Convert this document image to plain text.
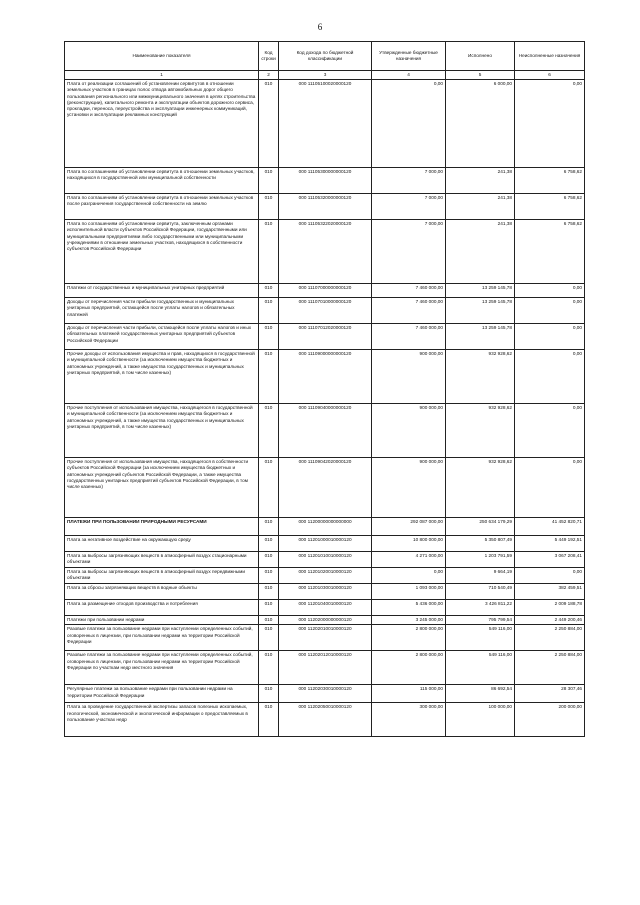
6
Наименование показателя	Код строки	Код дохода по бюджетной классификации	Утвержденные бюджетные назначения	Исполнено	Неисполненные назначения
1	2	3	4	5	6
Плата от реализации соглашений об установлении сервитутов в отношении земельных участков в границах полос отвода автомобильных дорог общего пользования регионального или межмуниципального значения в целях строительства (реконструкции), капитального ремонта и эксплуатации объектов дорожного сервиса, прокладки, переноса, переустройства и эксплуатации инженерных коммуникаций, установки и эксплуатации рекламных конструкций	010	000 11105100020000120	0,00	6 000,00	0,00
Плата по соглашениям об установлении сервитута в отношении земельных участков, находящихся в государственной или муниципальной собственности	010	000 11105300000000120	7 000,00	241,38	6 758,62
Плата по соглашениям об установлении сервитута в отношении земельных участков после разграничения государственной собственности на землю	010	000 11105320000000120	7 000,00	241,38	6 758,62
Плата по соглашениям об установлении сервитута, заключенным органами исполнительной власти субъектов Российской Федерации, государственными или муниципальными предприятиями либо государственными или муниципальными учреждениями в отношении земельных участков, находящихся в собственности субъектов Российской Федерации	010	000 11105322020000120	7 000,00	241,38	6 758,62
Платежи от государственных и муниципальных унитарных предприятий	010	000 11107000000000120	7 460 000,00	13 259 145,78	0,00
Доходы от перечисления части прибыли государственных и муниципальных унитарных предприятий, остающейся после уплаты налогов и обязательных платежей	010	000 11107010000000120	7 460 000,00	13 259 145,78	0,00
Доходы от перечисления части прибыли, остающейся после уплаты налогов и иных обязательных платежей государственных унитарных предприятий субъектов Российской Федерации	010	000 11107012020000120	7 460 000,00	13 259 145,78	0,00
Прочие доходы от использования имущества и прав, находящихся в государственной и муниципальной собственности (за исключением имущества бюджетных и автономных учреждений, а также имущества государственных и муниципальных унитарных предприятий, в том числе казенных)	010	000 11109000000000120	900 000,00	932 928,62	0,00
Прочие поступления от использования имущества, находящегося в государственной и муниципальной собственности (за исключением имущества бюджетных и автономных учреждений, а также имущества государственных и муниципальных унитарных предприятий, в том числе казенных)	010	000 11109040000000120	900 000,00	932 928,62	0,00
Прочие поступления от использования имущества, находящегося в собственности субъектов Российской Федерации (за исключением имущества бюджетных и автономных учреждений субъектов Российской Федерации, а также имущества государственных унитарных предприятий субъектов Российской Федерации, в том числе казенных)	010	000 11109042020000120	900 000,00	932 928,62	0,00
ПЛАТЕЖИ ПРИ ПОЛЬЗОВАНИИ ПРИРОДНЫМИ РЕСУРСАМИ	010	000 11200000000000000	292 087 000,00	250 634 179,29	41 452 820,71
Плата за негативное воздействие на окружающую среду	010	000 11201000010000120	10 800 000,00	5 350 807,49	5 449 192,51
Плата за выбросы загрязняющих веществ в атмосферный воздух стационарными объектами	010	000 11201010010000120	4 271 000,00	1 203 791,59	3 067 208,41
Плата за выбросы загрязняющих веществ в атмосферный воздух передвижными объектами	010	000 11201020010000120	0,00	9 664,19	0,00
Плата за сбросы загрязняющих веществ в водные объекты	010	000 11201030010000120	1 093 000,00	710 540,49	382 459,51
Плата за размещение отходов производства и потребления	010	000 11201040010000120	5 436 000,00	3 426 811,22	2 009 188,78
Платежи при пользовании недрами	010	000 11202000000000120	3 245 000,00	795 799,54	2 449 200,46
Разовые платежи за пользование недрами при наступлении определенных событий, оговоренных в лицензии, при пользовании недрами на территории Российской Федерации	010	000 11202010010000120	2 800 000,00	549 116,00	2 250 884,00
Разовые платежи за пользование недрами при наступлении определенных событий, оговоренных в лицензии, при пользовании недрами на территории Российской Федерации по участкам недр местного значения	010	000 11202012010000120	2 800 000,00	549 116,00	2 250 884,00
Регулярные платежи за пользование недрами при пользовании недрами на территории Российской Федерации	010	000 11202030010000120	115 000,00	86 692,54	28 307,46
Плата за проведение государственной экспертизы запасов полезных ископаемых, геологической, экономической и экологической информации о предоставляемых в пользование участках недр	010	000 11202050010000120	300 000,00	100 000,00	200 000,00
